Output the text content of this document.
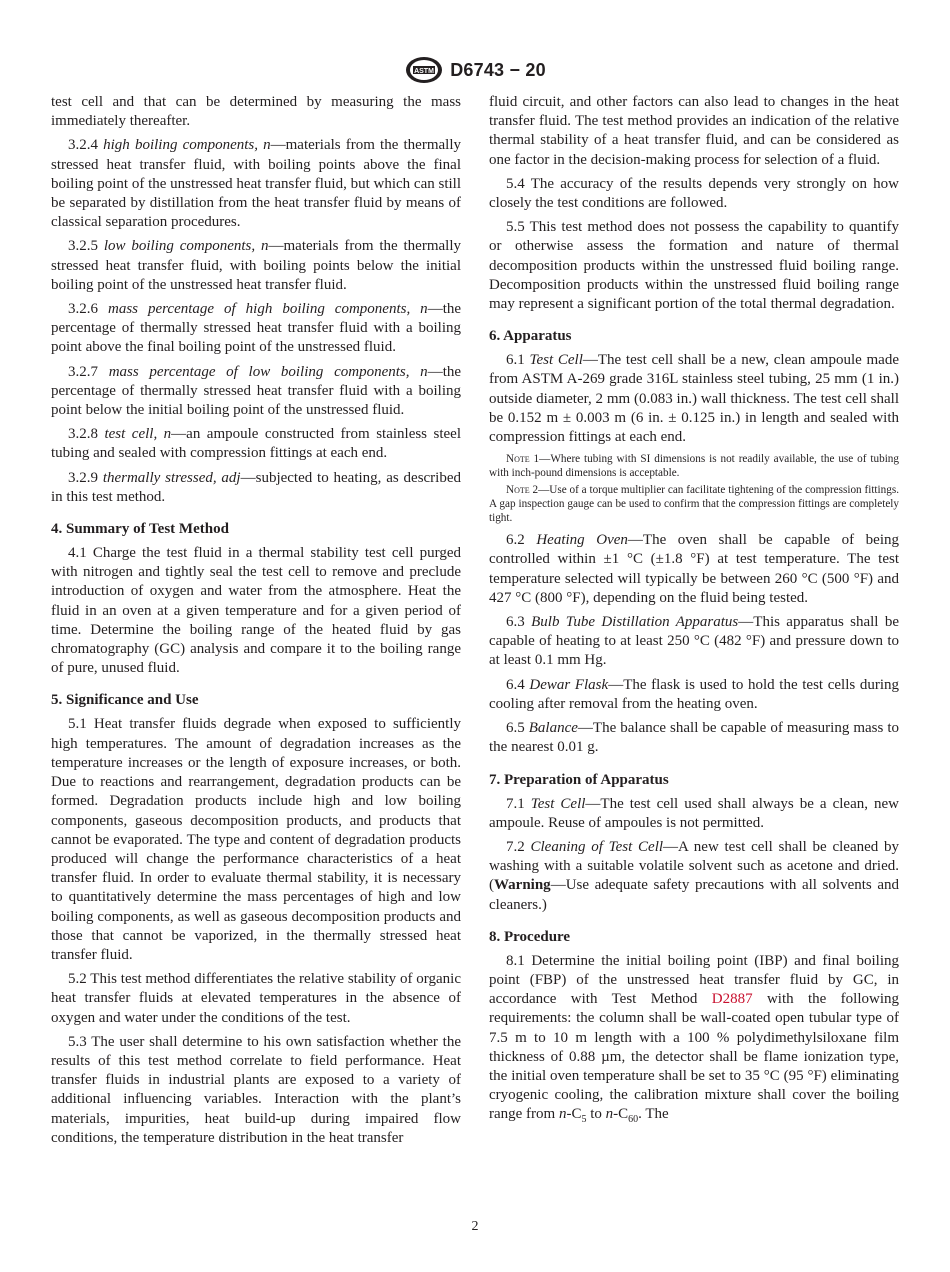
ASTM D6743 − 20

test cell and that can be determined by measuring the mass immediately thereafter.

3.2.4 high boiling components, n—materials from the thermally stressed heat transfer fluid, with boiling points above the final boiling point of the unstressed heat transfer fluid, but which can still be separated by distillation from the heat transfer fluid by means of classical separation procedures.

3.2.5 low boiling components, n—materials from the thermally stressed heat transfer fluid, with boiling points below the initial boiling point of the unstressed heat transfer fluid.

3.2.6 mass percentage of high boiling components, n—the percentage of thermally stressed heat transfer fluid with a boiling point above the final boiling point of the unstressed fluid.

3.2.7 mass percentage of low boiling components, n—the percentage of thermally stressed heat transfer fluid with a boiling point below the initial boiling point of the unstressed fluid.

3.2.8 test cell, n—an ampoule constructed from stainless steel tubing and sealed with compression fittings at each end.

3.2.9 thermally stressed, adj—subjected to heating, as described in this test method.

4. Summary of Test Method

4.1 Charge the test fluid in a thermal stability test cell purged with nitrogen and tightly seal the test cell to remove and preclude introduction of oxygen and water from the atmosphere. Heat the fluid in an oven at a given temperature and for a given period of time. Determine the boiling range of the heated fluid by gas chromatography (GC) analysis and compare it to the boiling range of pure, unused fluid.

5. Significance and Use

5.1 Heat transfer fluids degrade when exposed to sufficiently high temperatures. The amount of degradation increases as the temperature increases or the length of exposure increases, or both. Due to reactions and rearrangement, degradation products can be formed. Degradation products include high and low boiling components, gaseous decomposition products, and products that cannot be evaporated. The type and content of degradation products produced will change the performance characteristics of a heat transfer fluid. In order to evaluate thermal stability, it is necessary to quantitatively determine the mass percentages of high and low boiling components, as well as gaseous decomposition products and those that cannot be vaporized, in the thermally stressed heat transfer fluid.

5.2 This test method differentiates the relative stability of organic heat transfer fluids at elevated temperatures in the absence of oxygen and water under the conditions of the test.

5.3 The user shall determine to his own satisfaction whether the results of this test method correlate to field performance. Heat transfer fluids in industrial plants are exposed to a variety of additional influencing variables. Interaction with the plant’s materials, impurities, heat build-up during impaired flow conditions, the temperature distribution in the heat transfer

fluid circuit, and other factors can also lead to changes in the heat transfer fluid. The test method provides an indication of the relative thermal stability of a heat transfer fluid, and can be considered as one factor in the decision-making process for selection of a fluid.

5.4 The accuracy of the results depends very strongly on how closely the test conditions are followed.

5.5 This test method does not possess the capability to quantify or otherwise assess the formation and nature of thermal decomposition products within the unstressed fluid boiling range. Decomposition products within the unstressed fluid boiling range may represent a significant portion of the total thermal degradation.

6. Apparatus

6.1 Test Cell—The test cell shall be a new, clean ampoule made from ASTM A-269 grade 316L stainless steel tubing, 25 mm (1 in.) outside diameter, 2 mm (0.083 in.) wall thickness. The test cell shall be 0.152 m ± 0.003 m (6 in. ± 0.125 in.) in length and sealed with compression fittings at each end.

Note 1—Where tubing with SI dimensions is not readily available, the use of tubing with inch-pound dimensions is acceptable.

Note 2—Use of a torque multiplier can facilitate tightening of the compression fittings. A gap inspection gauge can be used to confirm that the compression fittings are completely tight.

6.2 Heating Oven—The oven shall be capable of being controlled within ±1 °C (±1.8 °F) at test temperature. The test temperature selected will typically be between 260 °C (500 °F) and 427 °C (800 °F), depending on the fluid being tested.

6.3 Bulb Tube Distillation Apparatus—This apparatus shall be capable of heating to at least 250 °C (482 °F) and pressure down to at least 0.1 mm Hg.

6.4 Dewar Flask—The flask is used to hold the test cells during cooling after removal from the heating oven.

6.5 Balance—The balance shall be capable of measuring mass to the nearest 0.01 g.

7. Preparation of Apparatus

7.1 Test Cell—The test cell used shall always be a clean, new ampoule. Reuse of ampoules is not permitted.

7.2 Cleaning of Test Cell—A new test cell shall be cleaned by washing with a suitable volatile solvent such as acetone and dried. (Warning—Use adequate safety precautions with all solvents and cleaners.)

8. Procedure

8.1 Determine the initial boiling point (IBP) and final boiling point (FBP) of the unstressed heat transfer fluid by GC, in accordance with Test Method D2887 with the following requirements: the column shall be wall-coated open tubular type of 7.5 m to 10 m length with a 100 % polydimethylsiloxane film thickness of 0.88 µm, the detector shall be flame ionization type, the initial oven temperature shall be set to 35 °C (95 °F) eliminating cryogenic cooling, the calibration mixture shall cover the boiling range from $n-C_5$ to $n-C_{60}$. The

2
